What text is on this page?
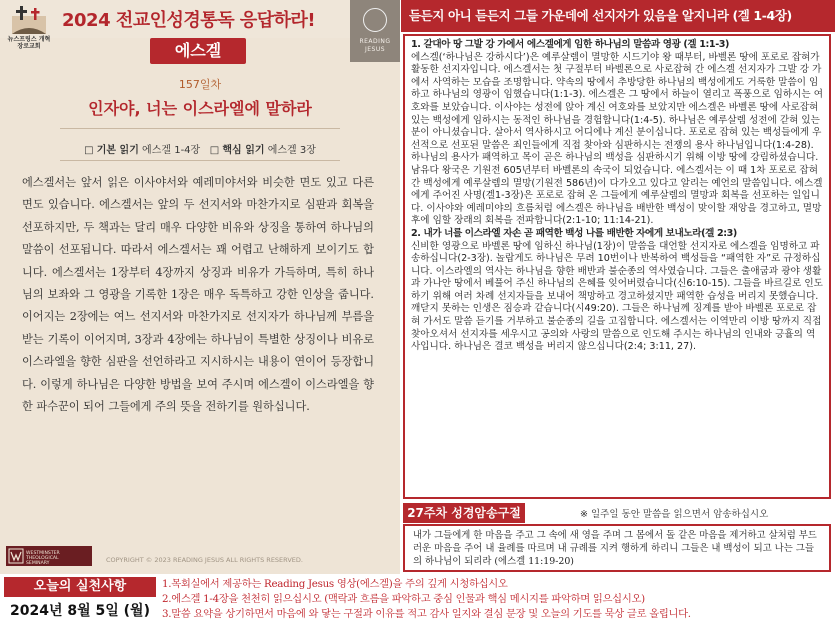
뉴스프링스 개혁장로교회
2024 전교인성경통독 응답하라!
READING JESUS
에스겔
157일차
인자야, 너는 이스라엘에 말하라
□ 기본 읽기 에스겔 1-4장 □ 핵심 읽기 에스겔 3장
에스겔서는 앞서 읽은 이사야서와 예레미야서와 비슷한 면도 있고 다른 면도 있습니다. 에스겔서는 앞의 두 선지서와 마찬가지로 심판과 회복을 선포하지만, 두 책과는 달리 매우 다양한 비유와 상징을 통하여 하나님의 말씀이 선포됩니다. 따라서 에스겔서는 꽤 어렵고 난해하게 보이기도 합니다. 에스겔서는 1장부터 4장까지 상징과 비유가 가득하며, 특히 하나님의 보좌와 그 영광을 기록한 1장은 매우 독특하고 강한 인상을 줍니다. 이어지는 2장에는 여느 선지서와 마찬가지로 선지자가 하나님께 부름을 받는 기록이 이어지며, 3장과 4장에는 하나님이 특별한 상징이나 비유로 이스라엘을 향한 심판을 선언하라고 지시하시는 내용이 연이어 등장합니다. 이렇게 하나님은 다양한 방법을 보여 주시며 에스겔이 이스라엘을 향한 파수꾼이 되어 그들에게 주의 뜻을 전하기를 원하십니다.
WESTMINSTER
THEOLOGICAL
SEMINARY	COPYRIGHT © 2023 READING JESUS ALL RIGHTS RESERVED.
듣든지 아니 듣든지 그들 가운데에 선지자가 있음을 알지니라 (겔 1-4장)

1. 갈대아 땅 그발 강 가에서 에스겔에게 임한 하나님의 말씀과 영광 (겔 1:1-3)

에스겔(‘하나님은 강하시다’)은 예루살렘이 멸망한 시드기야 왕 때부터, 바벨론 땅에 포로로 잡혀가 활동한 선지자입니다. 에스겔서는 첫 구절부터 바벨론으로 사로잡혀 간 에스겔 선지자가 그발 강 가에서 사역하는 모습을 조명합니다. 약속의 땅에서 추방당한 하나님의 백성에게도 거룩한 말씀이 임하고 하나님의 영광이 임했습니다(1:1-3). 에스겔은 그 땅에서 하늘이 열리고 폭풍으로 임하시는 여호와를 보았습니다. 이사야는 성전에 앉아 계신 여호와를 보았지만 에스겔은 바벨론 땅에 사로잡혀 있는 백성에게 임하시는 동적인 하나님을 경험합니다(1:4-5). 하나님은 예루살렘 성전에 갇혀 있는 분이 아니셨습니다. 살아서 역사하시고 어디에나 계신 분이십니다. 포로로 잡혀 있는 백성들에게 우선적으로 선포된 말씀은 죄인들에게 직접 찾아와 심판하시는 전쟁의 용사 하나님입니다(1:4-28). 하나님의 용사가 패역하고 목이 곧은 하나님의 백성을 심판하시기 위해 이방 땅에 강림하셨습니다. 남유다 왕국은 기원전 605년부터 바벨론의 속국이 되었습니다. 에스겔서는 이 때 1차 포로로 잡혀간 백성에게 예루살렘의 멸망(기원전 586년)이 다가오고 있다고 알리는 예언의 말씀입니다. 에스겔에게 주어진 사명(겔1-3장)은 포로로 잡혀 온 그들에게 예루살렘의 멸망과 회복을 선포하는 일입니다. 이사야와 예레미야의 흐름처럼 에스겔은 하나님을 배반한 백성이 맞이할 재앙을 경고하고, 멸망 후에 임할 장래의 회복을 전파합니다(2:1-10; 11:14-21).

2. 내가 너를 이스라엘 자손 곧 패역한 백성 나를 배반한 자에게 보내노라(겔 2:3)

신비한 영광으로 바벨론 땅에 임하신 하나님(1장)이 말씀을 대언할 선지자로 에스겔을 임명하고 파송하십니다(2-3장). 놀랍게도 하나님은 무려 10번이나 반복하여 백성들을 “패역한 자”로 규정하십니다. 이스라엘의 역사는 하나님을 향한 배반과 불순종의 역사였습니다. 그들은 출애굽과 광야 생활과 가나안 땅에서 베풀어 주신 하나님의 은혜를 잊어버렸습니다(신6:10-15). 그들을 바르길로 인도하기 위해 여러 차례 선지자들을 보내어 책망하고 경고하셨지만 패역한 습성을 버리지 못했습니다. 깨닫지 못하는 인생은 짐승과 같습니다(시49:20). 그들은 하나님께 징계를 받아 바벨론 포로로 잡혀 가서도 말씀 듣기를 거부하고 불순종의 길을 고집합니다. 에스겔서는 이역만리 이방 땅까지 직접 찾아오셔서 선지자를 세우시고 공의와 사랑의 말씀으로 인도해 주시는 하나님의 인내와 긍휼의 역사입니다. 하나님은 결코 백성을 버리지 않으십니다(2:4; 3:11, 27).

27주차 성경암송구절	※ 일주일 동안 말씀을 읽으면서 암송하십시오
내가 그들에게 한 마음을 주고 그 속에 새 영을 주며 그 몸에서 돌 같은 마음을 제거하고 살처럼 부드러운 마음을 주어 내 율례를 따르며 내 규례를 지켜 행하게 하리니 그들은 내 백성이 되고 나는 그들의 하나님이 되리라 (에스겔 11:19-20)
오늘의 실천사항
2024년 8월 5일 (월)
1.목회실에서 제공하는 Reading Jesus 영상(에스겔)을 주의 깊게 시청하십시오
2.에스겔 1-4장을 천천히 읽으십시오 (맥락과 흐름을 파악하고 중심 인물과 핵심 메시지를 파악하며 읽으십시오)
3.말씀 요약을 상기하면서 마음에 와 닿는 구절과 이유를 적고 감사 일지와 결심 문장 및 오늘의 기도를 묵상 글로 올립니다.
